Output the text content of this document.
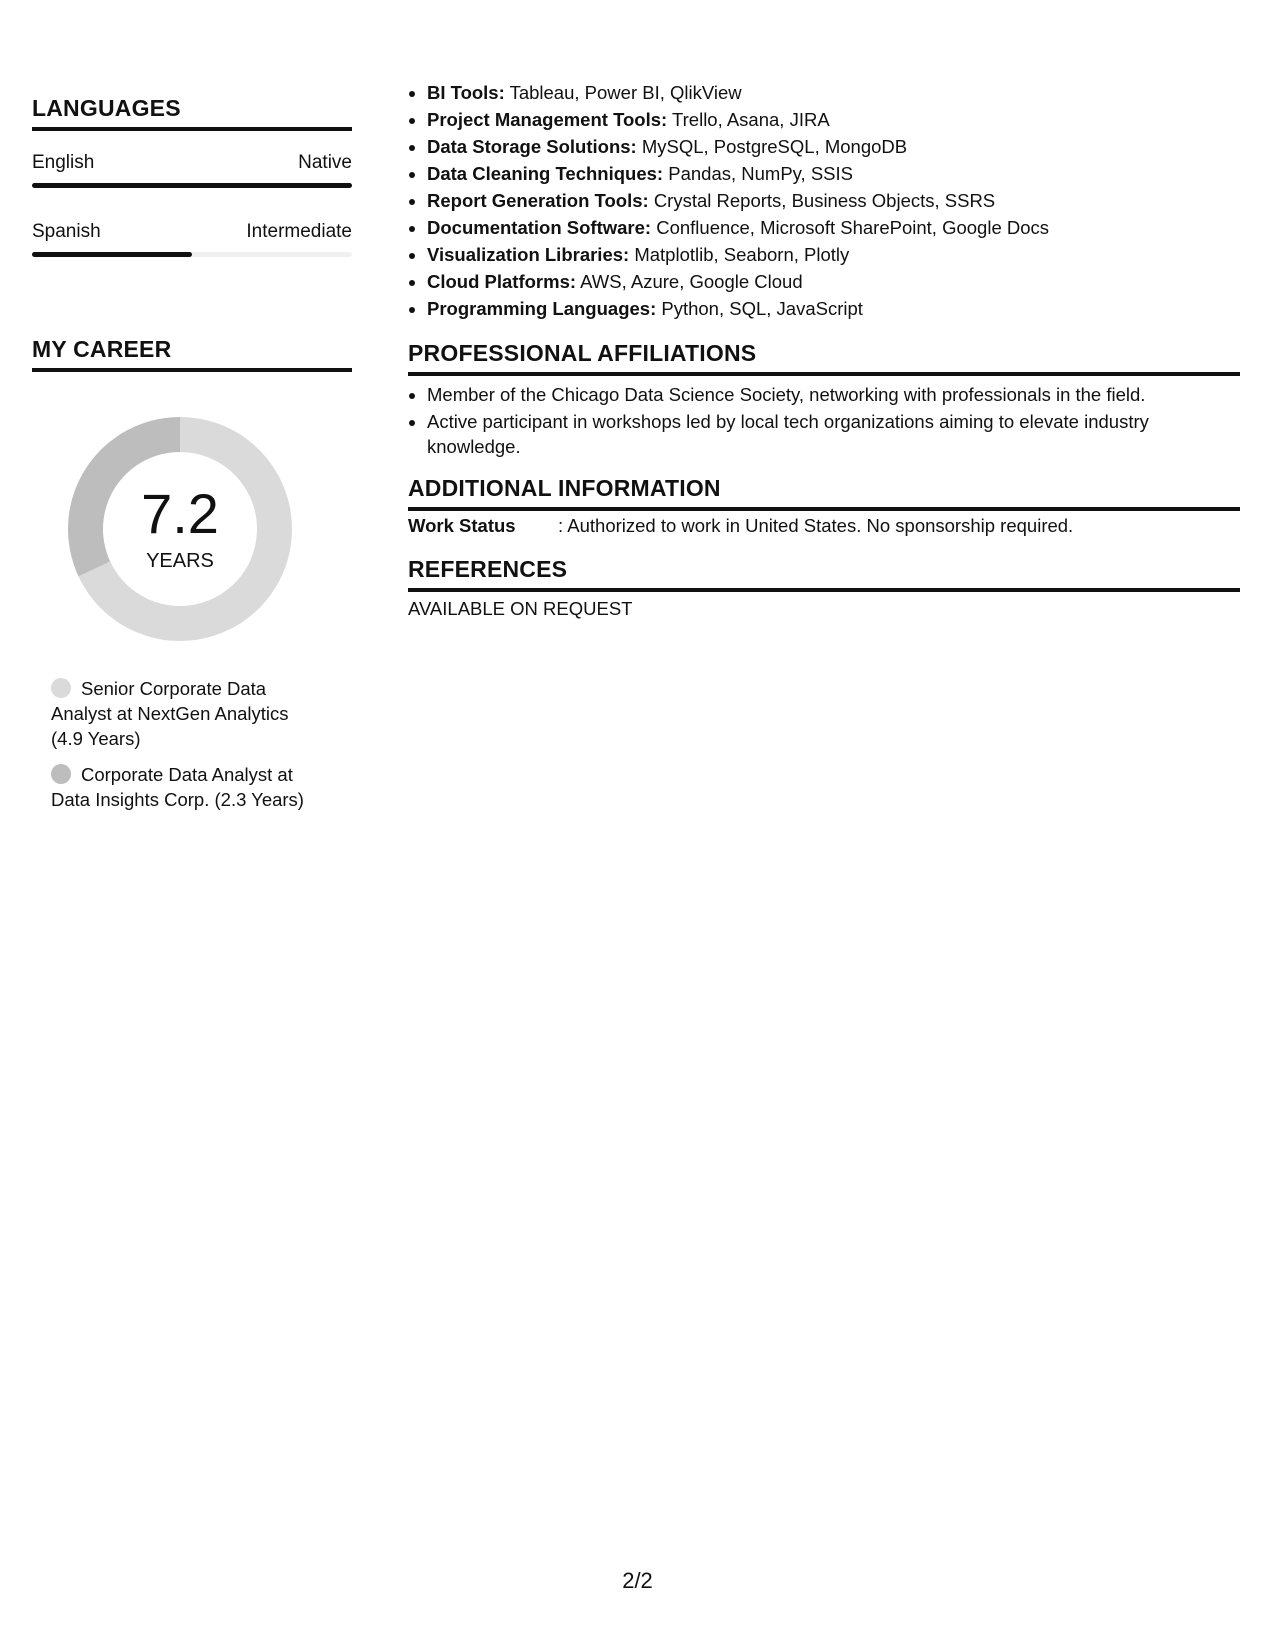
LANGUAGES
English	Native
Spanish	Intermediate
MY CAREER
7.2
YEARS
Senior Corporate Data Analyst at NextGen Analytics (4.9 Years)
Corporate Data Analyst at Data Insights Corp. (2.3 Years)
• BI Tools: Tableau, Power BI, QlikView
• Project Management Tools: Trello, Asana, JIRA
• Data Storage Solutions: MySQL, PostgreSQL, MongoDB
• Data Cleaning Techniques: Pandas, NumPy, SSIS
• Report Generation Tools: Crystal Reports, Business Objects, SSRS
• Documentation Software: Confluence, Microsoft SharePoint, Google Docs
• Visualization Libraries: Matplotlib, Seaborn, Plotly
• Cloud Platforms: AWS, Azure, Google Cloud
• Programming Languages: Python, SQL, JavaScript
PROFESSIONAL AFFILIATIONS
• Member of the Chicago Data Science Society, networking with professionals in the field.
• Active participant in workshops led by local tech organizations aiming to elevate industry knowledge.
ADDITIONAL INFORMATION
Work Status : Authorized to work in United States. No sponsorship required.
REFERENCES
AVAILABLE ON REQUEST
2/2
